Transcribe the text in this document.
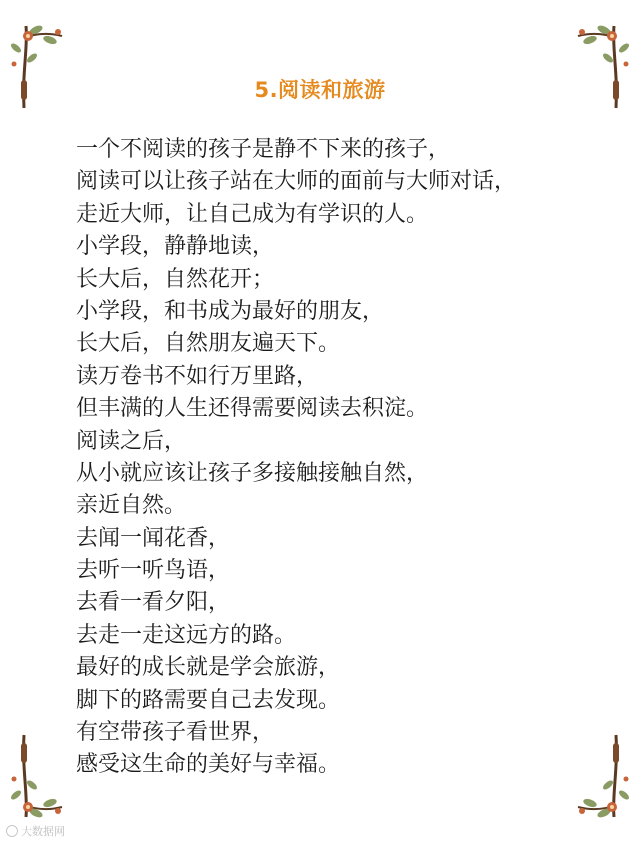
5.阅读和旅游
一个不阅读的孩子是静不下来的孩子，
阅读可以让孩子站在大师的面前与大师对话，
走近大师，让自己成为有学识的人。
小学段，静静地读，
长大后，自然花开；
小学段，和书成为最好的朋友，
长大后，自然朋友遍天下。
读万卷书不如行万里路，
但丰满的人生还得需要阅读去积淀。
阅读之后，
从小就应该让孩子多接触接触自然，
亲近自然。
去闻一闻花香，
去听一听鸟语，
去看一看夕阳，
去走一走这远方的路。
最好的成长就是学会旅游，
脚下的路需要自己去发现。
有空带孩子看世界，
感受这生命的美好与幸福。
大数据网
